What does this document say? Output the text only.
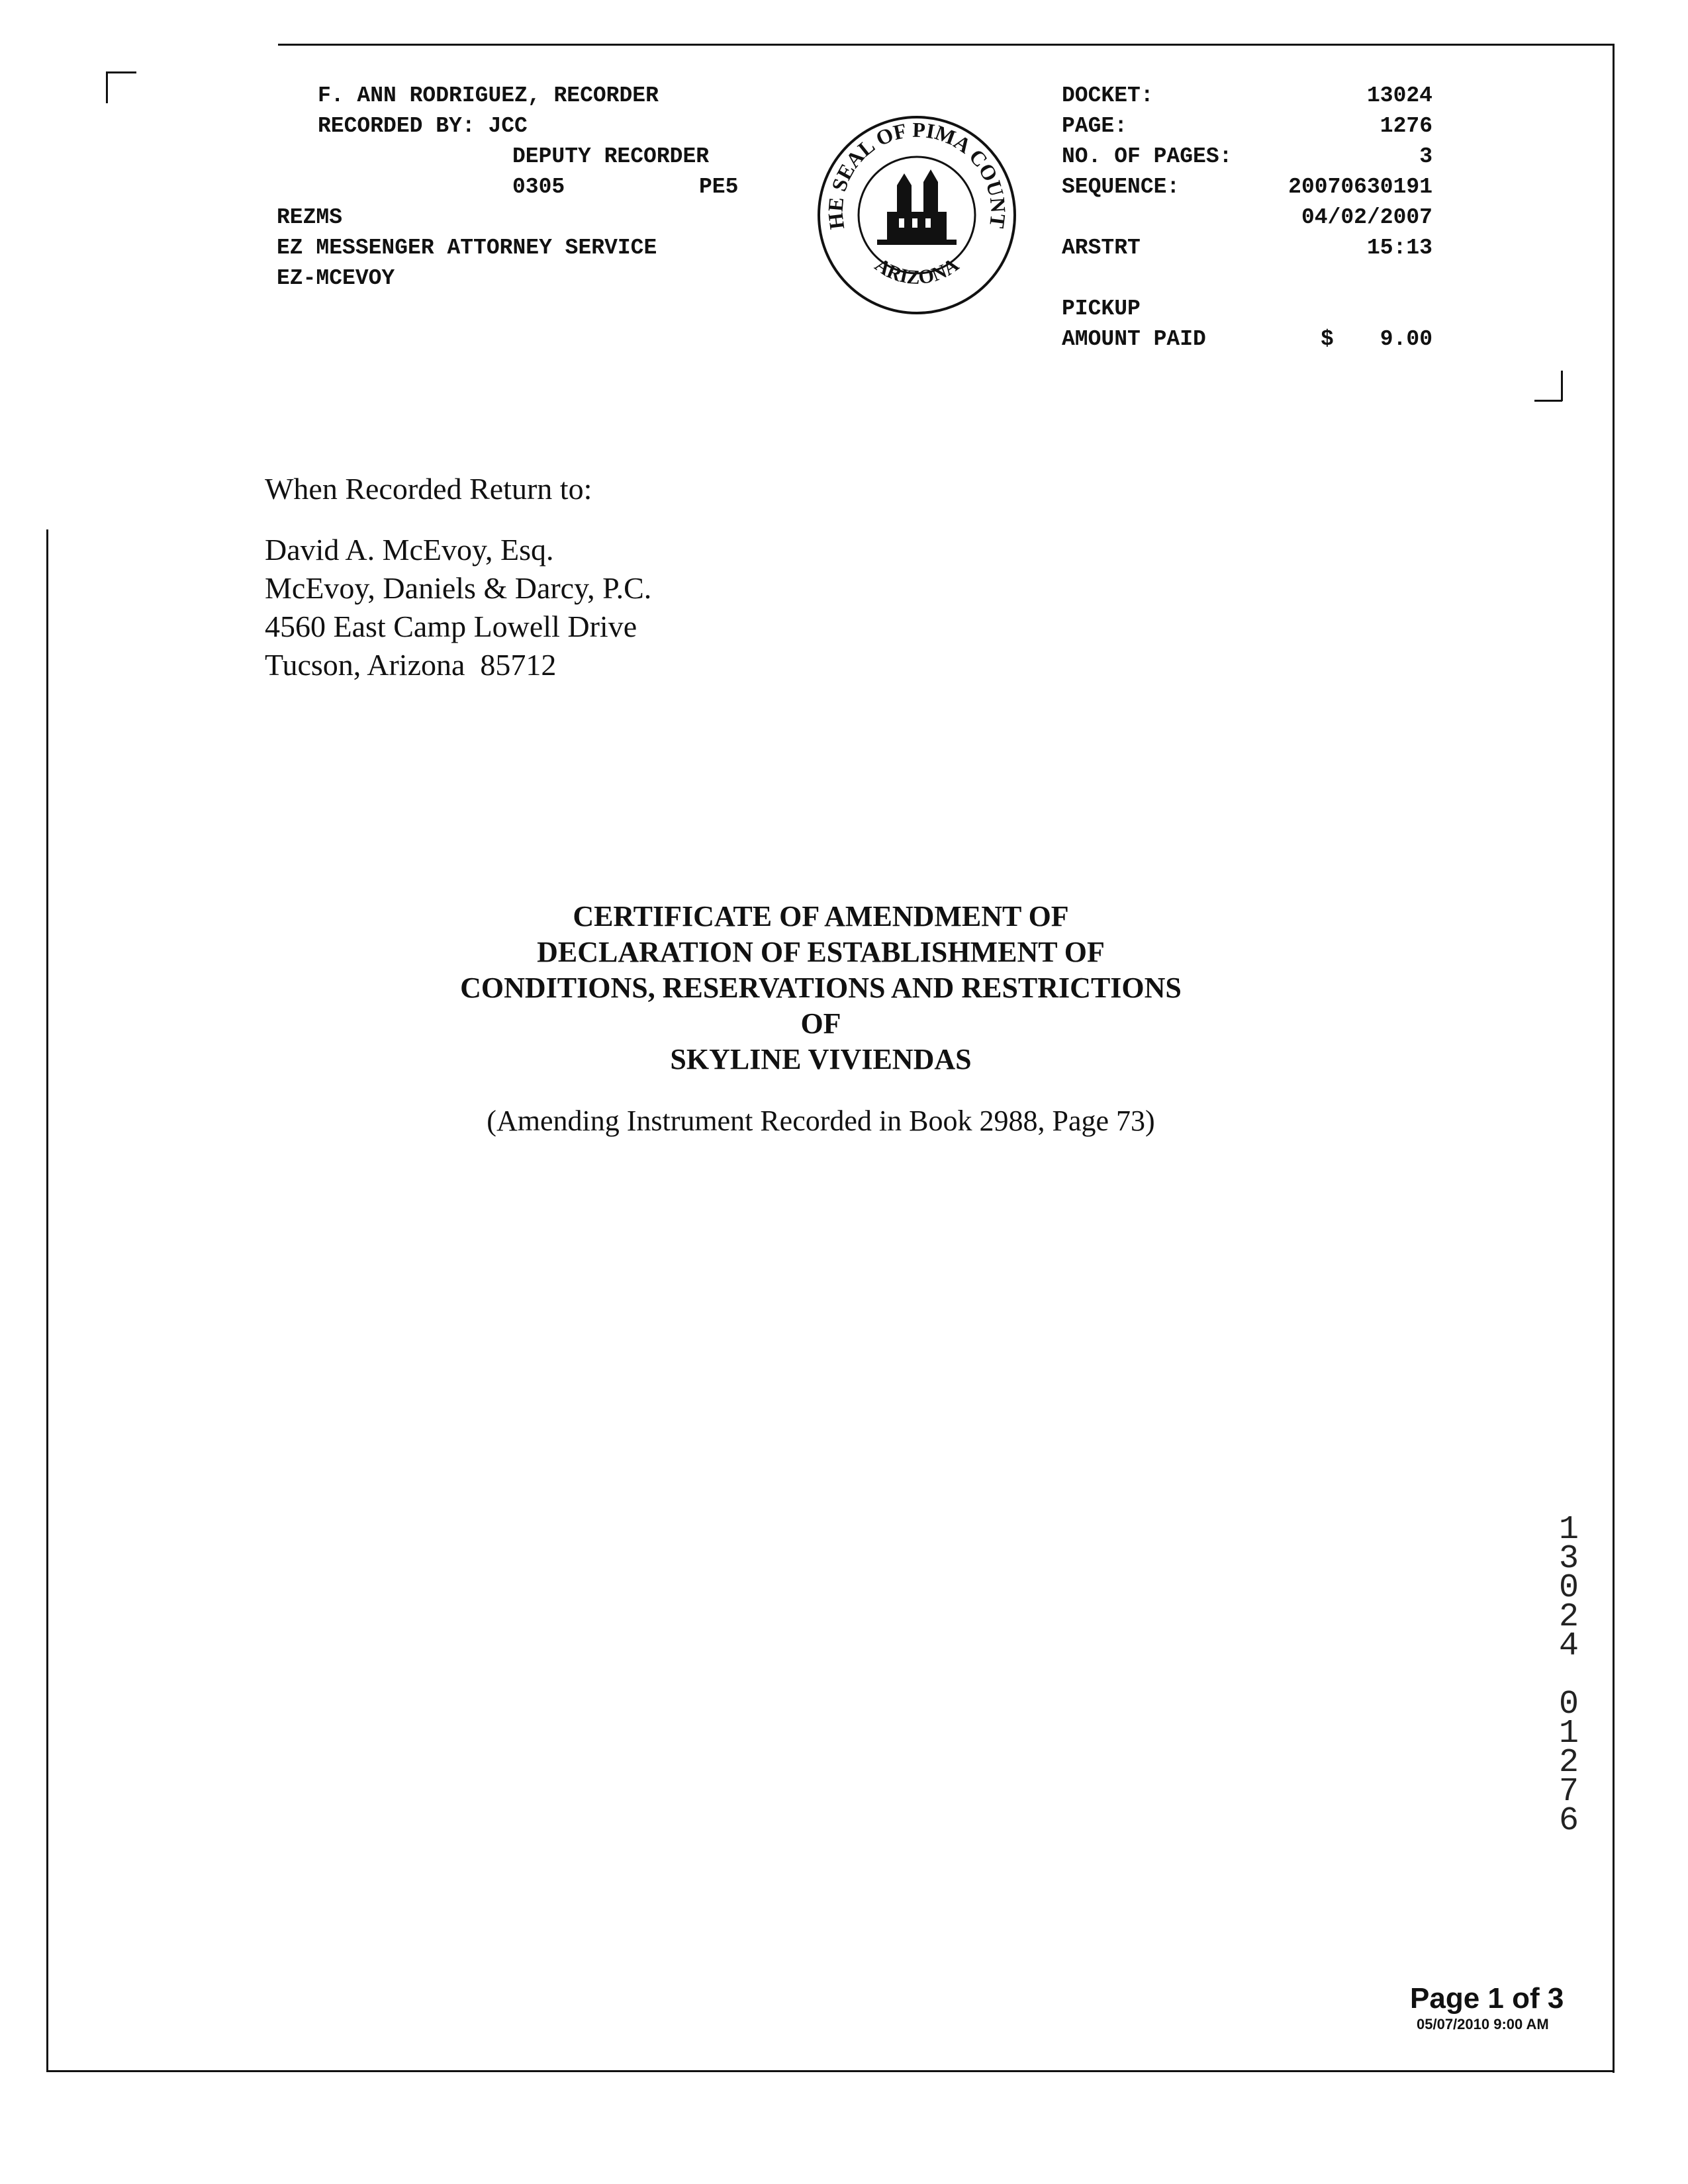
F. ANN RODRIGUEZ, RECORDER
RECORDED BY: JCC
DEPUTY RECORDER
0305	PE5
REZMS
EZ MESSENGER ATTORNEY SERVICE
EZ-MCEVOY
HE SEAL OF PIMA COUNT
ARIZONA
DOCKET:	13024
PAGE:	1276
NO. OF PAGES:	3
SEQUENCE:	20070630191
04/02/2007
ARSTRT	15:13
PICKUP
AMOUNT PAID	$ 9.00
When Recorded Return to:
David A. McEvoy, Esq.
McEvoy, Daniels & Darcy, P.C.
4560 East Camp Lowell Drive
Tucson, Arizona  85712
CERTIFICATE OF AMENDMENT OF
DECLARATION OF ESTABLISHMENT OF
CONDITIONS, RESERVATIONS AND RESTRICTIONS
OF
SKYLINE VIVIENDAS
(Amending Instrument Recorded in Book 2988, Page 73)
1
3
0
2
4
0
1
2
7
6
Page 1 of 3
05/07/2010 9:00 AM
